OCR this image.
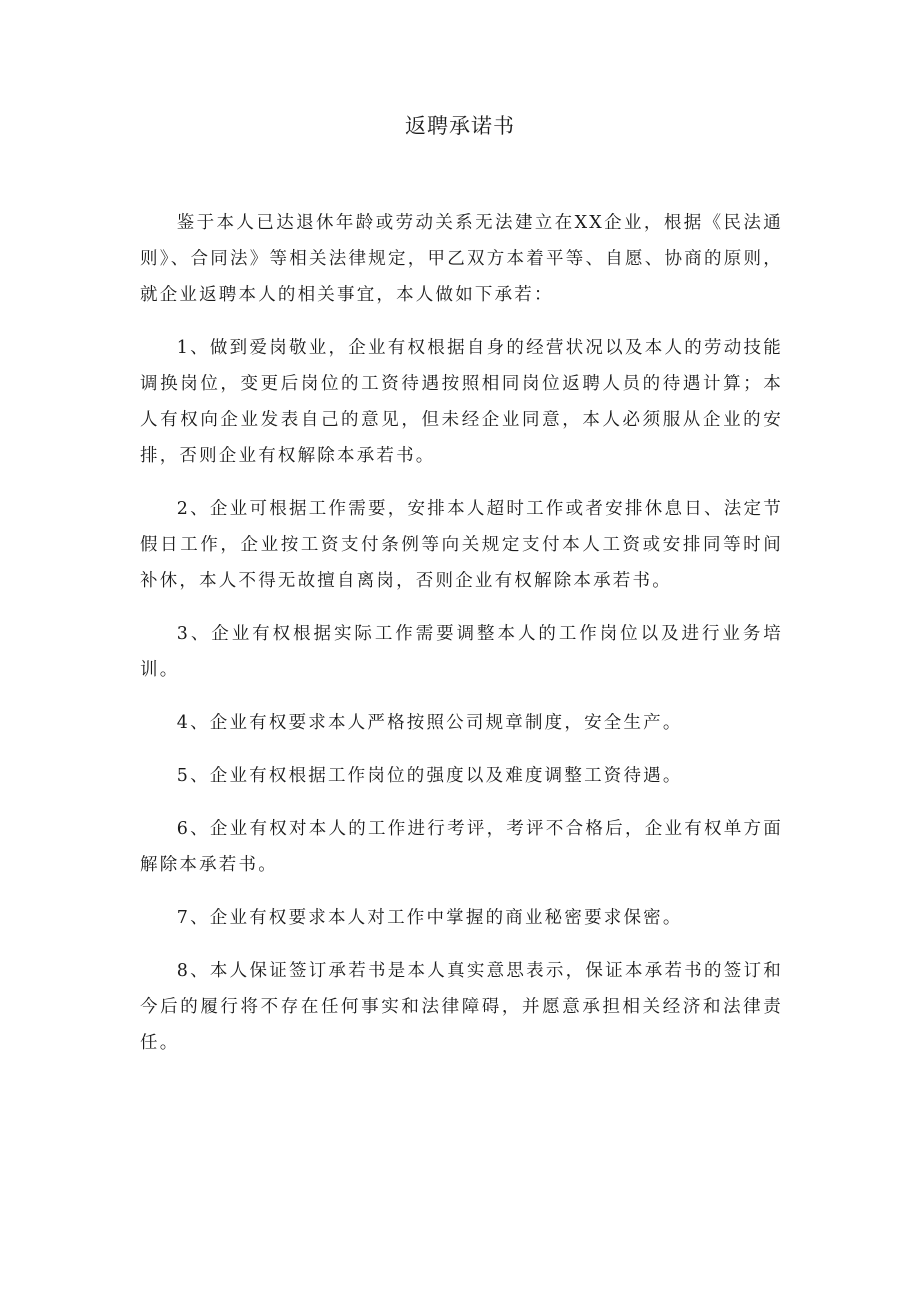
返聘承诺书

鉴于本人已达退休年龄或劳动关系无法建立在XX企业，根据《民法通则》、合同法》等相关法律规定，甲乙双方本着平等、自愿、协商的原则，就企业返聘本人的相关事宜，本人做如下承若：

1、做到爱岗敬业，企业有权根据自身的经营状况以及本人的劳动技能调换岗位，变更后岗位的工资待遇按照相同岗位返聘人员的待遇计算；本人有权向企业发表自己的意见，但未经企业同意，本人必须服从企业的安排，否则企业有权解除本承若书。

2、企业可根据工作需要，安排本人超时工作或者安排休息日、法定节假日工作，企业按工资支付条例等向关规定支付本人工资或安排同等时间补休，本人不得无故擅自离岗，否则企业有权解除本承若书。

3、企业有权根据实际工作需要调整本人的工作岗位以及进行业务培训。

4、企业有权要求本人严格按照公司规章制度，安全生产。

5、企业有权根据工作岗位的强度以及难度调整工资待遇。

6、企业有权对本人的工作进行考评，考评不合格后，企业有权单方面解除本承若书。

7、企业有权要求本人对工作中掌握的商业秘密要求保密。

8、本人保证签订承若书是本人真实意思表示，保证本承若书的签订和今后的履行将不存在任何事实和法律障碍，并愿意承担相关经济和法律责任。
